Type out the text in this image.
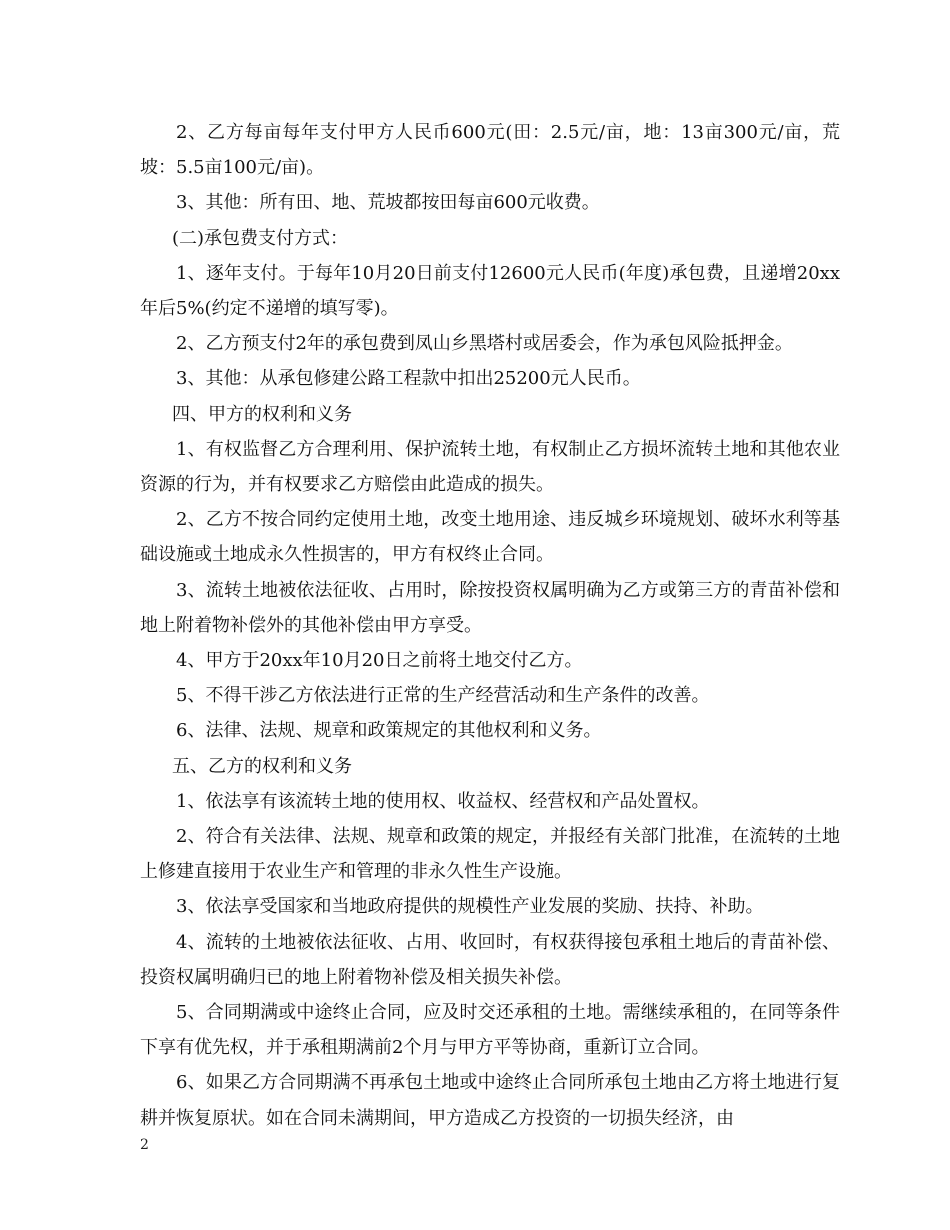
2、乙方每亩每年支付甲方人民币600元(田：2.5元/亩，地：13亩300元/亩，荒坡：5.5亩100元/亩)。

3、其他：所有田、地、荒坡都按田每亩600元收费。

(二)承包费支付方式：

1、逐年支付。于每年10月20日前支付12600元人民币(年度)承包费，且递增20xx年后5%(约定不递增的填写零)。

2、乙方预支付2年的承包费到凤山乡黑塔村或居委会，作为承包风险抵押金。

3、其他：从承包修建公路工程款中扣出25200元人民币。

四、甲方的权利和义务

1、有权监督乙方合理利用、保护流转土地，有权制止乙方损坏流转土地和其他农业资源的行为，并有权要求乙方赔偿由此造成的损失。

2、乙方不按合同约定使用土地，改变土地用途、违反城乡环境规划、破坏水利等基础设施或土地成永久性损害的，甲方有权终止合同。

3、流转土地被依法征收、占用时，除按投资权属明确为乙方或第三方的青苗补偿和地上附着物补偿外的其他补偿由甲方享受。

4、甲方于20xx年10月20日之前将土地交付乙方。

5、不得干涉乙方依法进行正常的生产经营活动和生产条件的改善。

6、法律、法规、规章和政策规定的其他权利和义务。

五、乙方的权利和义务

1、依法享有该流转土地的使用权、收益权、经营权和产品处置权。

2、符合有关法律、法规、规章和政策的规定，并报经有关部门批准，在流转的土地上修建直接用于农业生产和管理的非永久性生产设施。

3、依法享受国家和当地政府提供的规模性产业发展的奖励、扶持、补助。

4、流转的土地被依法征收、占用、收回时，有权获得接包承租土地后的青苗补偿、投资权属明确归已的地上附着物补偿及相关损失补偿。

5、合同期满或中途终止合同，应及时交还承租的土地。需继续承租的，在同等条件下享有优先权，并于承租期满前2个月与甲方平等协商，重新订立合同。

6、如果乙方合同期满不再承包土地或中途终止合同所承包土地由乙方将土地进行复耕并恢复原状。如在合同未满期间，甲方造成乙方投资的一切损失经济，由

2
